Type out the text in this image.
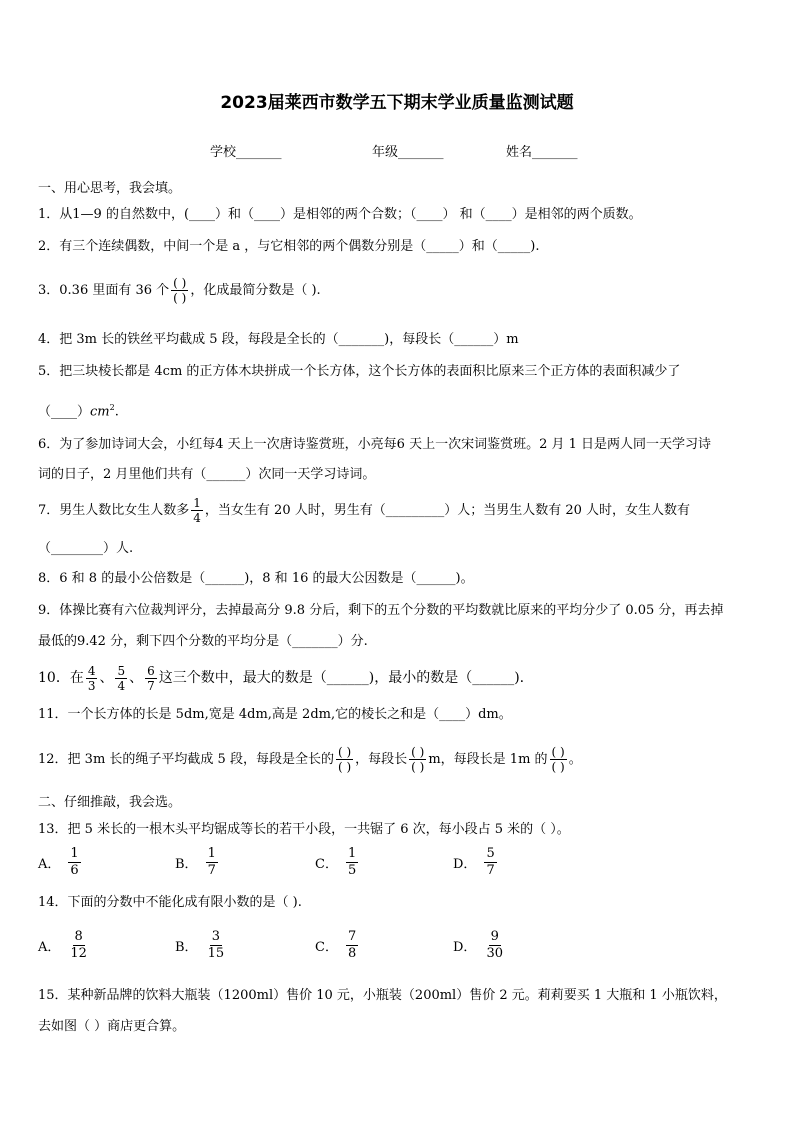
2023届莱西市数学五下期末学业质量监测试题
学校_______	年级_______	姓名_______
一、用心思考，我会填。
1．从1—9 的自然数中，(____）和（____）是相邻的两个合数；（____） 和（____）是相邻的两个质数。
2．有三个连续偶数，中间一个是 a ，与它相邻的两个偶数分别是（_____）和（_____).
3．0.36 里面有 36 个 $\frac{( )}{( )}$ ，化成最简分数是（ ).
4．把 3m 长的铁丝平均截成 5 段，每段是全长的（_______)，每段长（______）m
5．把三块棱长都是 4cm 的正方体木块拼成一个长方体，这个长方体的表面积比原来三个正方体的表面积减少了
$(\_\_\_\_)cm^2$.
6．为了参加诗词大会，小红每4 天上一次唐诗鉴赏班，小亮每6 天上一次宋词鉴赏班。2 月 1 日是两人同一天学习诗
词的日子，2 月里他们共有（______）次同一天学习诗词。
7．男生人数比女生人数多 $\frac{1}{4}$ ，当女生有 20 人时，男生有（_________）人；当男生人数有 20 人时，女生人数有
（________）人.
8．6 和 8 的最小公倍数是（______)，8 和 16 的最大公因数是（______)。
9．体操比赛有六位裁判评分，去掉最高分 9.8 分后，剩下的五个分数的平均数就比原来的平均分少了 0.05 分，再去掉
最低的9.42 分，剩下四个分数的平均分是（_______）分.
10．在 $\frac{4}{3}$ 、 $\frac{5}{4}$ 、 $\frac{6}{7}$ 这三个数中，最大的数是（______)，最小的数是（______).
11．一个长方体的长是 5dm,宽是 4dm,高是 2dm,它的棱长之和是（____）dm。
12．把 3m 长的绳子平均截成 5 段，每段是全长的 $\frac{( )}{( )}$ ，每段长 $\frac{( )}{( )}$ m，每段长是 1m 的 $\frac{( )}{( )}$ 。
二、仔细推敲，我会选。
13．把 5 米长的一根木头平均锯成等长的若干小段，一共锯了 6 次，每小段占 5 米的（ ）。
A． $\frac{1}{6}$	B． $\frac{1}{7}$	C． $\frac{1}{5}$	D． $\frac{5}{7}$
14．下面的分数中不能化成有限小数的是（ ).
A． $\frac{8}{12}$	B． $\frac{3}{15}$	C． $\frac{7}{8}$	D． $\frac{9}{30}$
15．某种新品牌的饮料大瓶装（1200ml）售价 10 元，小瓶装（200ml）售价 2 元。莉莉要买 1 大瓶和 1 小瓶饮料，
去如图（ ）商店更合算。
